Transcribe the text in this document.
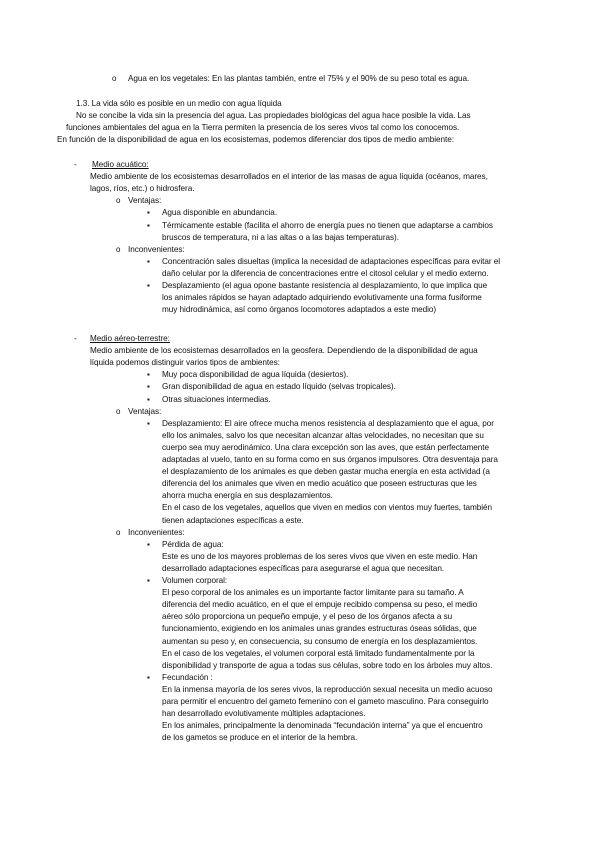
o Agua en los vegetales: En las plantas también, entre el 75% y el 90% de su peso total es agua.
1.3. La vida sólo es posible en un medio con agua líquida
No se concibe la vida sin la presencia del agua. Las propiedades biológicas del agua hace posible la vida. Las
funciones ambientales del agua en la Tierra permiten la presencia de los seres vivos tal como los conocemos.
En función de la disponibilidad de agua en los ecosistemas, podemos diferenciar dos tipos de medio ambiente:
- Medio acuático:
Medio ambiente de los ecosistemas desarrollados en el interior de las masas de agua líquida (océanos, mares,
lagos, ríos, etc.) o hidrosfera.
o Ventajas:
▪ Agua disponible en abundancia.
▪ Térmicamente estable (facilita el ahorro de energía pues no tienen que adaptarse a cambios
bruscos de temperatura, ni a las altas o a las bajas temperaturas).
o Inconvenientes:
▪ Concentración sales disueltas (implica la necesidad de adaptaciones específicas para evitar el
daño celular por la diferencia de concentraciones entre el citosol celular y el medio externo.
▪ Desplazamiento (el agua opone bastante resistencia al desplazamiento, lo que implica que
los animales rápidos se hayan adaptado adquiriendo evolutivamente una forma fusiforme
muy hidrodinámica, así como órganos locomotores adaptados a este medio)
- Medio aéreo-terrestre:
Medio ambiente de los ecosistemas desarrollados en la geosfera. Dependiendo de la disponibilidad de agua
líquida podemos distinguir varios tipos de ambientes:
▪ Muy poca disponibilidad de agua líquida (desiertos).
▪ Gran disponibilidad de agua en estado líquido (selvas tropicales).
▪ Otras situaciones intermedias.
o Ventajas:
▪ Desplazamiento: El aire ofrece mucha menos resistencia al desplazamiento que el agua, por
ello los animales, salvo los que necesitan alcanzar altas velocidades, no necesitan que su
cuerpo sea muy aerodinámico. Una clara excepción son las aves, que están perfectamente
adaptadas al vuelo, tanto en su forma como en sus órganos impulsores. Otra desventaja para
el desplazamiento de los animales es que deben gastar mucha energía en esta actividad (a
diferencia del los animales que viven en medio acuático que poseen estructuras que les
ahorra mucha energía en sus desplazamientos.
En el caso de los vegetales, aquellos que viven en medios con vientos muy fuertes, también
tienen adaptaciones específicas a este.
o Inconvenientes:
▪ Pérdida de agua:
Este es uno de los mayores problemas de los seres vivos que viven en este medio. Han
desarrollado adaptaciones específicas para asegurarse el agua que necesitan.
▪ Volumen corporal:
El peso corporal de los animales es un importante factor limitante para su tamaño. A
diferencia del medio acuático, en el que el empuje recibido compensa su peso, el medio
aéreo sólo proporciona un pequeño empuje, y el peso de los órganos afecta a su
funcionamiento, exigiendo en los animales unas grandes estructuras óseas sólidas, que
aumentan su peso y, en consecuencia, su consumo de energía en los desplazamientos.
En el caso de los vegetales, el volumen corporal está limitado fundamentalmente por la
disponibilidad y transporte de agua a todas sus células, sobre todo en los árboles muy altos.
▪ Fecundación :
En la inmensa mayoría de los seres vivos, la reproducción sexual necesita un medio acuoso
para permitir el encuentro del gameto femenino con el gameto masculino. Para conseguirlo
han desarrollado evolutivamente múltiples adaptaciones.
En los animales, principalmente la denominada “fecundación interna” ya que el encuentro
de los gametos se produce en el interior de la hembra.
